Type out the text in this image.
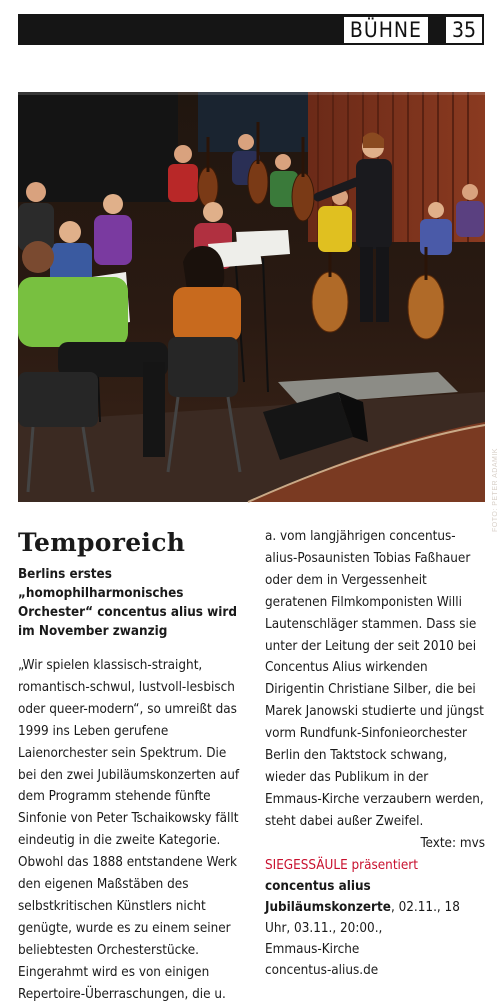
BÜHNE 35
FOTO: PETER ADAMIK
Temporeich

Berlins erstes „homophilharmonisches Orchester“ concentus alius wird im November zwanzig

„Wir spielen klassisch-straight, romantisch-schwul, lustvoll-lesbisch oder queer-modern“, so umreißt das 1999 ins Leben gerufene Laienorchester sein Spektrum. Die bei den zwei Jubiläumskonzerten auf dem Programm stehende fünfte Sinfonie von Peter Tschaikowsky fällt eindeutig in die zweite Kategorie. Obwohl das 1888 entstandene Werk den eigenen Maßstäben des selbstkritischen Künstlers nicht genügte, wurde es zu einem seiner beliebtesten Orchesterstücke. Eingerahmt wird es von einigen Repertoire-Überraschungen, die u.

a. vom langjährigen concentus-alius-Posaunisten Tobias Faßhauer oder dem in Vergessenheit geratenen Filmkomponisten Willi Lautenschläger stammen. Dass sie unter der Leitung der seit 2010 bei Concentus Alius wirkenden Dirigentin Christiane Silber, die bei Marek Janowski studierte und jüngst vorm Rundfunk-Sinfonieorchester Berlin den Taktstock schwang, wieder das Publikum in der Emmaus-Kirche verzaubern werden, steht dabei außer Zweifel.
Texte: mvs

SIEGESSÄULE präsentiert
concentus alius Jubiläumskonzerte, 02.11., 18 Uhr, 03.11., 20:00.,
Emmaus-Kirche
concentus-alius.de
